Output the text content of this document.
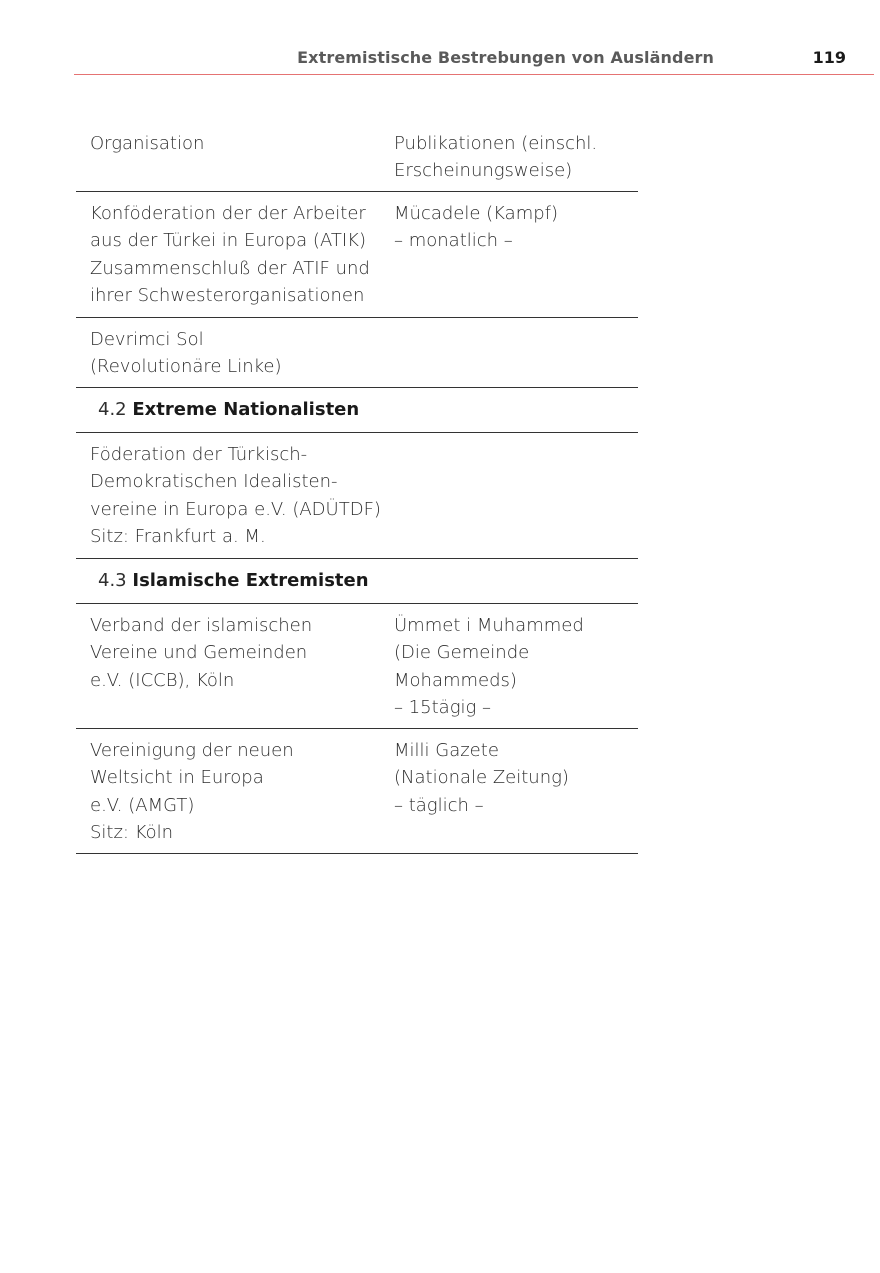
Extremistische Bestrebungen von Ausländern	119
Organisation	Publikationen (einschl.
Erscheinungsweise)
Konföderation der der Arbeiter
aus der Türkei in Europa (ATIK)
Zusammenschluß der ATIF und
ihrer Schwesterorganisationen
Mücadele (Kampf)
– monatlich –
Devrimci Sol
(Revolutionäre Linke)
4.2 Extreme Nationalisten
Föderation der Türkisch-
Demokratischen Idealisten-
vereine in Europa e.V. (ADÜTDF)
Sitz: Frankfurt a. M.
4.3 Islamische Extremisten
Verband der islamischen
Vereine und Gemeinden
e.V. (ICCB), Köln
Ümmet i Muhammed
(Die Gemeinde
Mohammeds)
– 15tägig –
Vereinigung der neuen
Weltsicht in Europa
e.V. (AMGT)
Sitz: Köln
Milli Gazete
(Nationale Zeitung)
– täglich –
